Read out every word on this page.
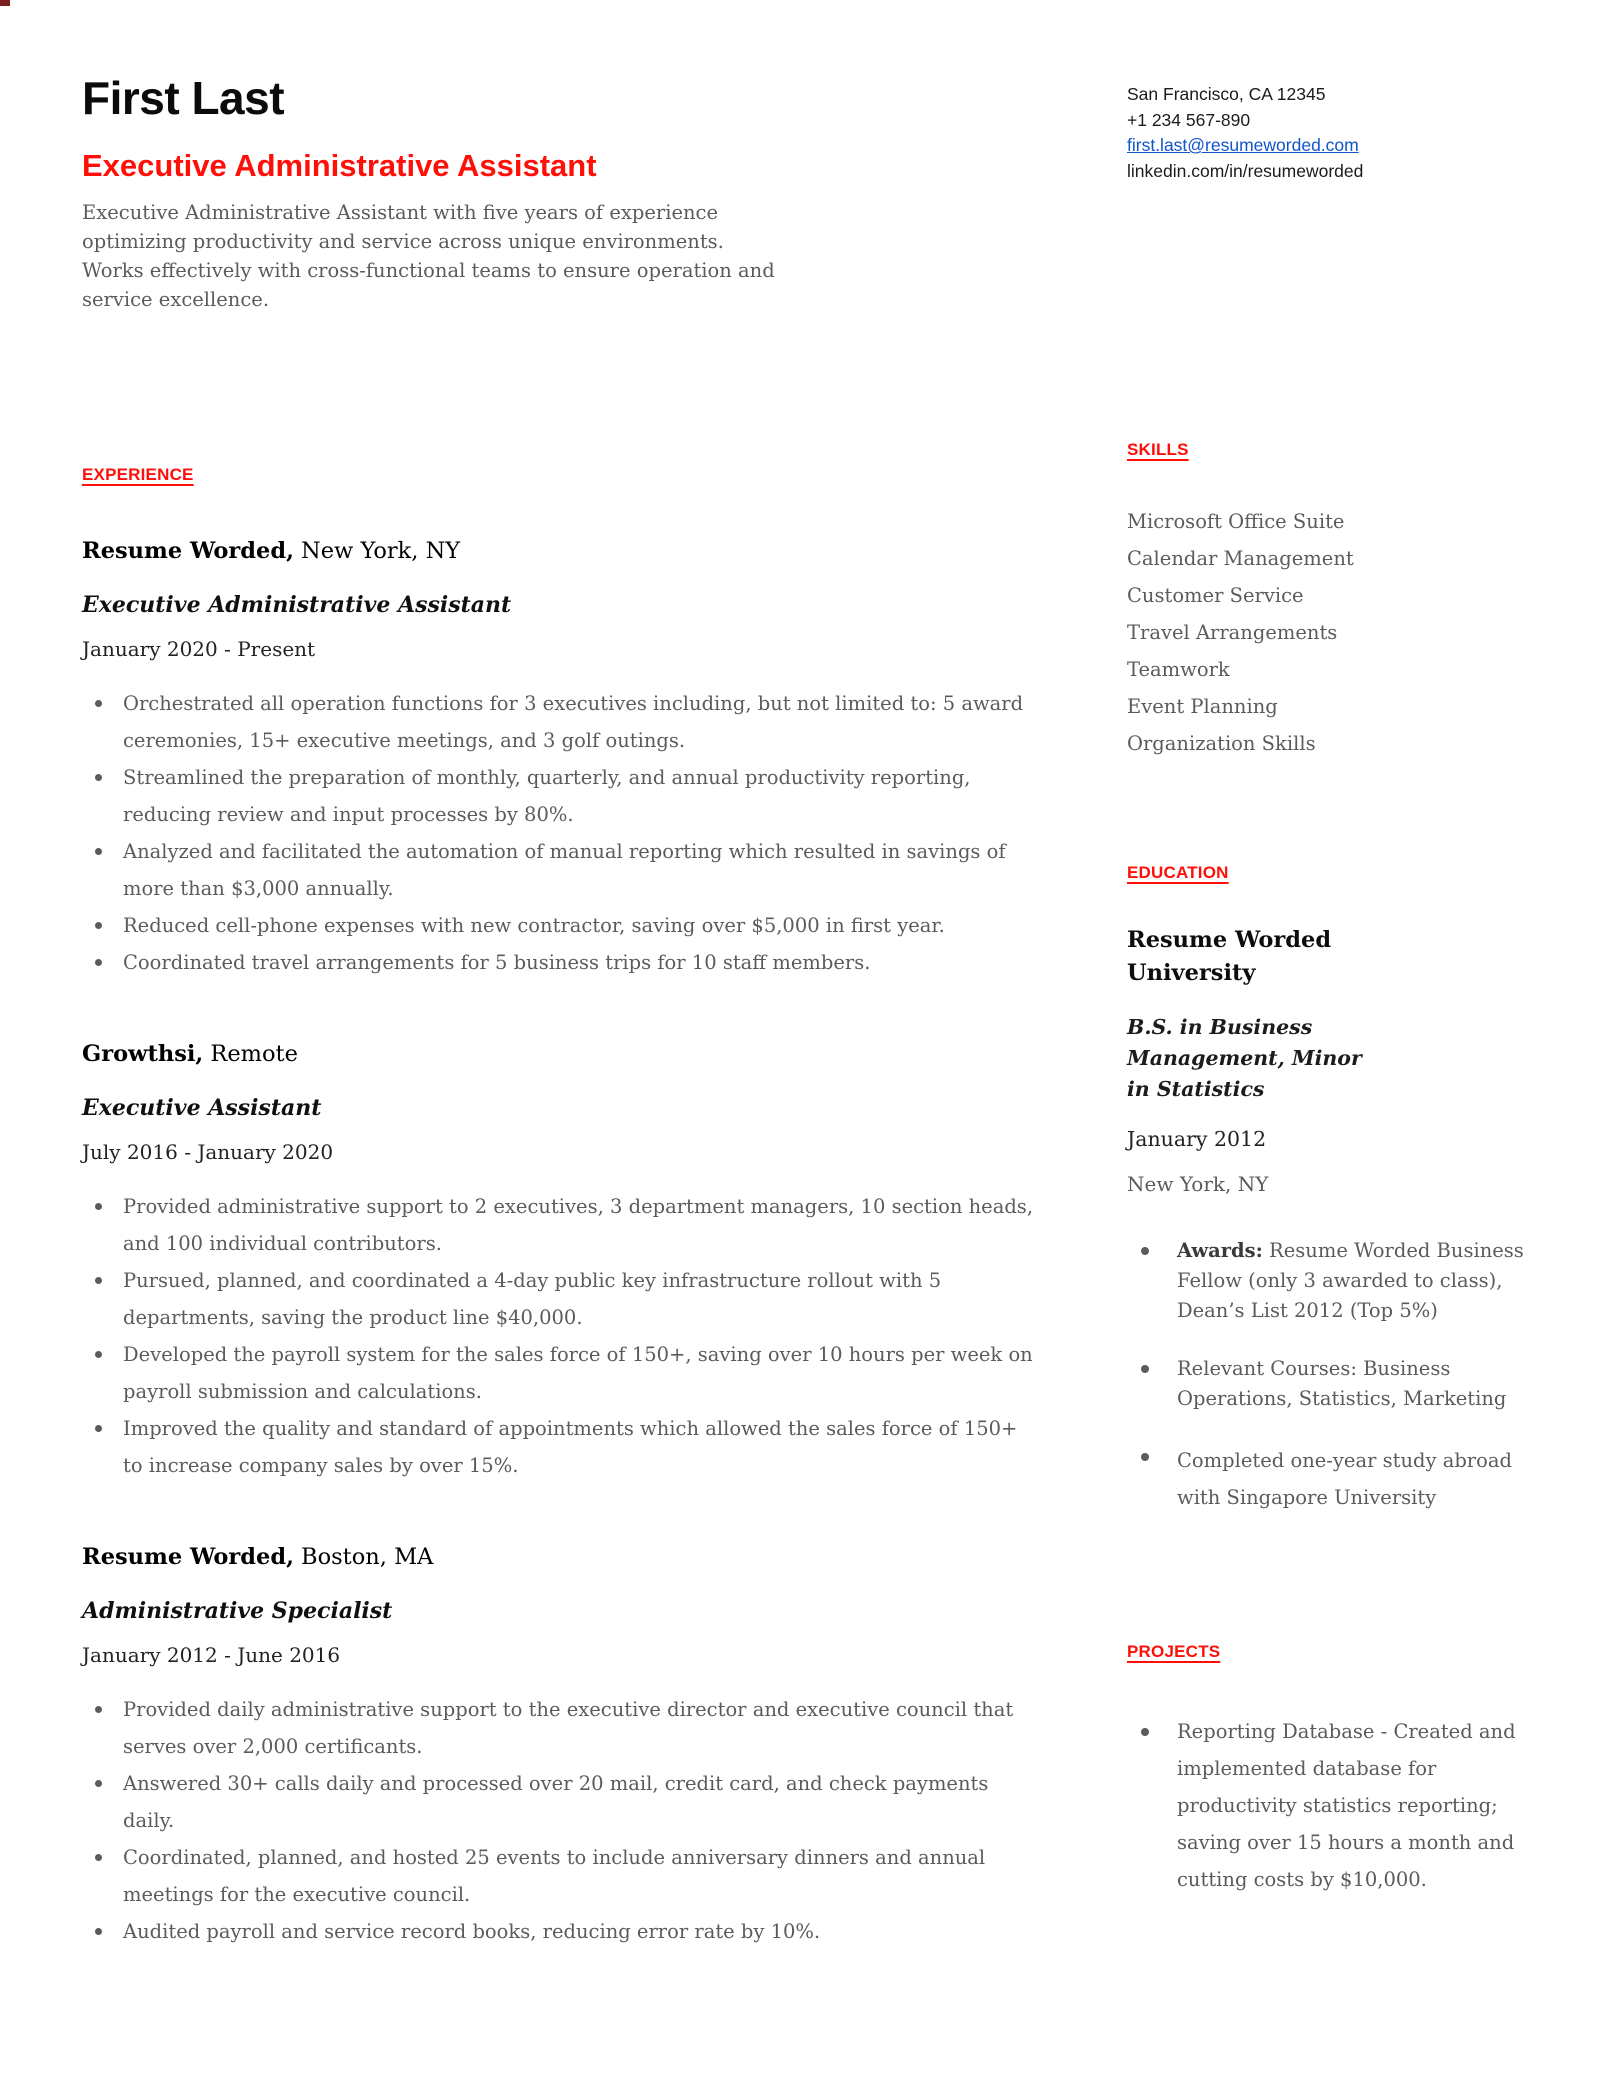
First Last
Executive Administrative Assistant
Executive Administrative Assistant with five years of experience optimizing productivity and service across unique environments. Works effectively with cross-functional teams to ensure operation and service excellence.
EXPERIENCE
Resume Worded, New York, NY
Executive Administrative Assistant
January 2020 - Present
Orchestrated all operation functions for 3 executives including, but not limited to: 5 award ceremonies, 15+ executive meetings, and 3 golf outings.
Streamlined the preparation of monthly, quarterly, and annual productivity reporting, reducing review and input processes by 80%.
Analyzed and facilitated the automation of manual reporting which resulted in savings of more than $3,000 annually.
Reduced cell-phone expenses with new contractor, saving over $5,000 in first year.
Coordinated travel arrangements for 5 business trips for 10 staff members.
Growthsi, Remote
Executive Assistant
July 2016 - January 2020
Provided administrative support to 2 executives, 3 department managers, 10 section heads, and 100 individual contributors.
Pursued, planned, and coordinated a 4-day public key infrastructure rollout with 5 departments, saving the product line $40,000.
Developed the payroll system for the sales force of 150+, saving over 10 hours per week on payroll submission and calculations.
Improved the quality and standard of appointments which allowed the sales force of 150+ to increase company sales by over 15%.
Resume Worded, Boston, MA
Administrative Specialist
January 2012 - June 2016
Provided daily administrative support to the executive director and executive council that serves over 2,000 certificants.
Answered 30+ calls daily and processed over 20 mail, credit card, and check payments daily.
Coordinated, planned, and hosted 25 events to include anniversary dinners and annual meetings for the executive council.
Audited payroll and service record books, reducing error rate by 10%.
San Francisco, CA 12345
+1 234 567-890
first.last@resumeworded.com
linkedin.com/in/resumeworded
SKILLS
Microsoft Office Suite
Calendar Management
Customer Service
Travel Arrangements
Teamwork
Event Planning
Organization Skills
EDUCATION
Resume Worded University
B.S. in Business Management, Minor in Statistics
January 2012
New York, NY
Awards: Resume Worded Business Fellow (only 3 awarded to class), Dean’s List 2012 (Top 5%)
Relevant Courses: Business Operations, Statistics, Marketing
Completed one-year study abroad with Singapore University
PROJECTS
Reporting Database - Created and implemented database for productivity statistics reporting; saving over 15 hours a month and cutting costs by $10,000.
